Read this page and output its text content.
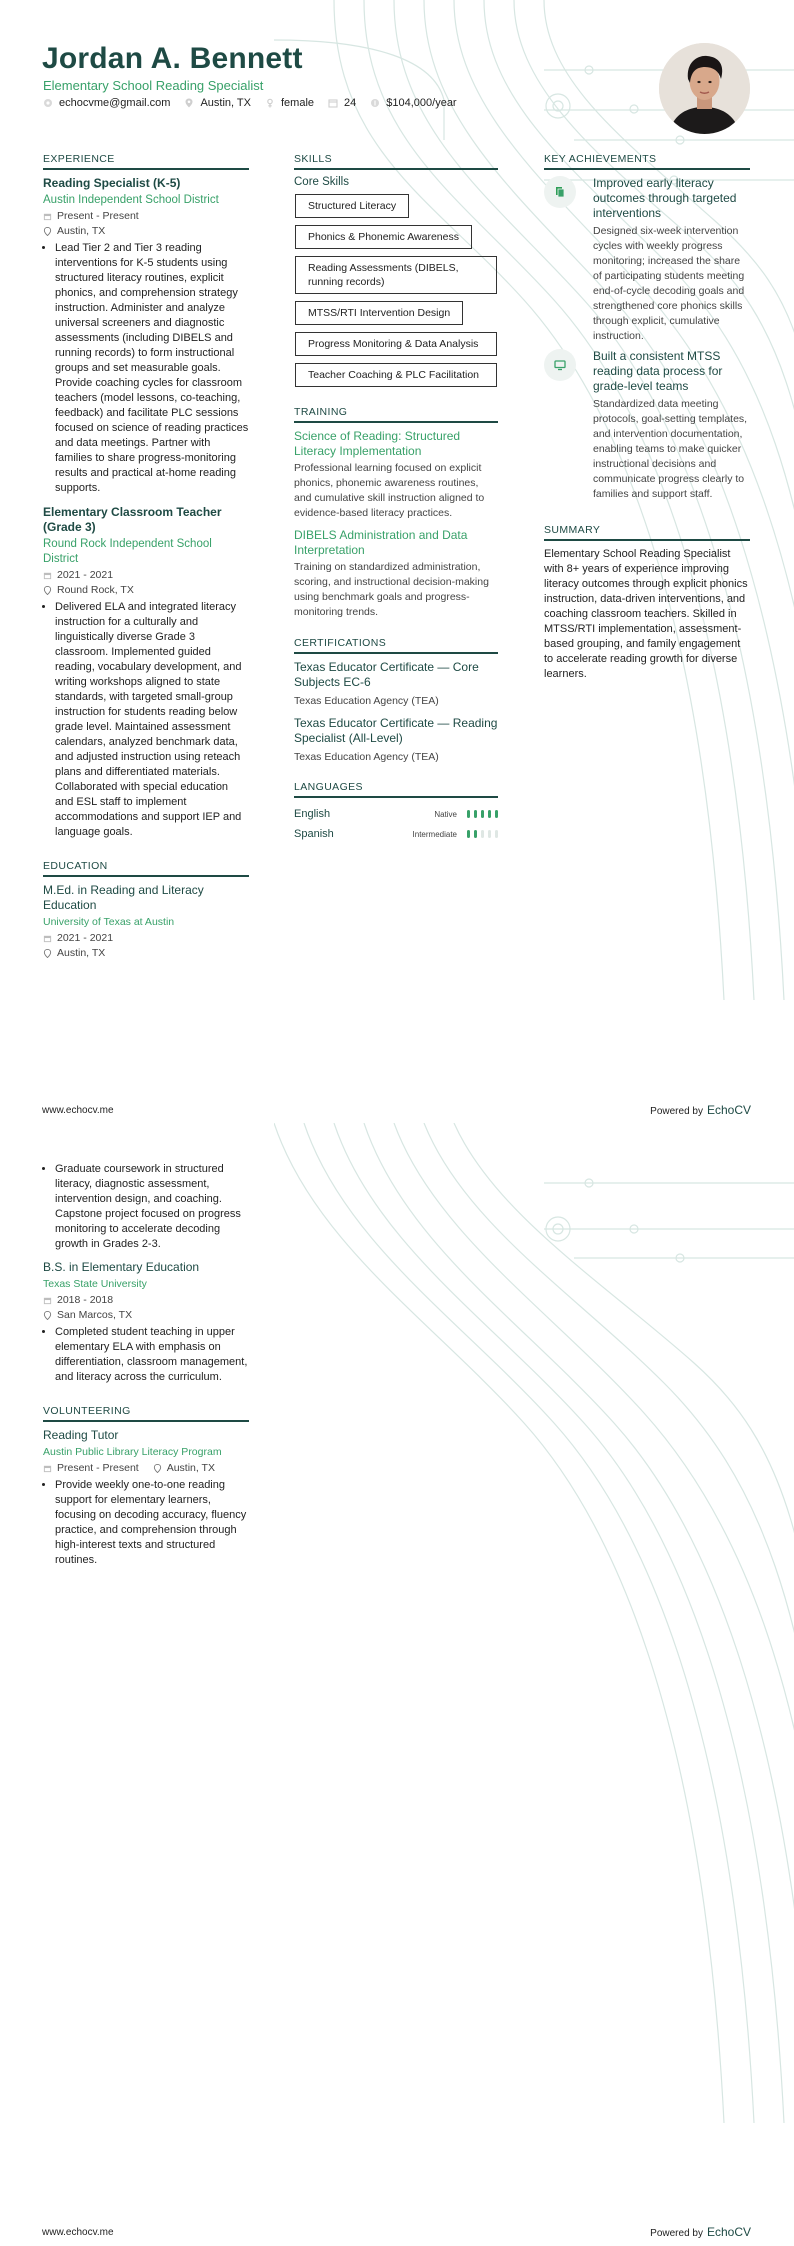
Jordan A. Bennett
Elementary School Reading Specialist
echocvme@gmail.com	Austin, TX	female	24	$104,000/year
EXPERIENCE
Reading Specialist (K-5)
Austin Independent School District
Present - Present
Austin, TX
• Lead Tier 2 and Tier 3 reading interventions for K-5 students using structured literacy routines, explicit phonics, and comprehension strategy instruction. Administer and analyze universal screeners and diagnostic assessments (including DIBELS and running records) to form instructional groups and set measurable goals. Provide coaching cycles for classroom teachers (model lessons, co-teaching, feedback) and facilitate PLC sessions focused on science of reading practices and data meetings. Partner with families to share progress-monitoring results and practical at-home reading supports.
Elementary Classroom Teacher (Grade 3)
Round Rock Independent School District
2021 - 2021
Round Rock, TX
• Delivered ELA and integrated literacy instruction for a culturally and linguistically diverse Grade 3 classroom. Implemented guided reading, vocabulary development, and writing workshops aligned to state standards, with targeted small-group instruction for students reading below grade level. Maintained assessment calendars, analyzed benchmark data, and adjusted instruction using reteach plans and differentiated materials. Collaborated with special education and ESL staff to implement accommodations and support IEP and language goals.
EDUCATION
M.Ed. in Reading and Literacy Education
University of Texas at Austin
2021 - 2021
Austin, TX
SKILLS
Core Skills
Structured Literacy
Phonics & Phonemic Awareness
Reading Assessments (DIBELS, running records)
MTSS/RTI Intervention Design
Progress Monitoring & Data Analysis
Teacher Coaching & PLC Facilitation
TRAINING
Science of Reading: Structured Literacy Implementation
Professional learning focused on explicit phonics, phonemic awareness routines, and cumulative skill instruction aligned to evidence-based literacy practices.
DIBELS Administration and Data Interpretation
Training on standardized administration, scoring, and instructional decision-making using benchmark goals and progress-monitoring trends.
CERTIFICATIONS
Texas Educator Certificate — Core Subjects EC-6
Texas Education Agency (TEA)
Texas Educator Certificate — Reading Specialist (All-Level)
Texas Education Agency (TEA)
LANGUAGES
English	Native
Spanish	Intermediate
KEY ACHIEVEMENTS
Improved early literacy outcomes through targeted interventions
Designed six-week intervention cycles with weekly progress monitoring; increased the share of participating students meeting end-of-cycle decoding goals and strengthened core phonics skills through explicit, cumulative instruction.
Built a consistent MTSS reading data process for grade-level teams
Standardized data meeting protocols, goal-setting templates, and intervention documentation, enabling teams to make quicker instructional decisions and communicate progress clearly to families and support staff.
SUMMARY
Elementary School Reading Specialist with 8+ years of experience improving literacy outcomes through explicit phonics instruction, data-driven interventions, and coaching classroom teachers. Skilled in MTSS/RTI implementation, assessment-based grouping, and family engagement to accelerate reading growth for diverse learners.
www.echocv.me	Powered by EchoCV
• Graduate coursework in structured literacy, diagnostic assessment, intervention design, and coaching. Capstone project focused on progress monitoring to accelerate decoding growth in Grades 2-3.
B.S. in Elementary Education
Texas State University
2018 - 2018
San Marcos, TX
• Completed student teaching in upper elementary ELA with emphasis on differentiation, classroom management, and literacy across the curriculum.
VOLUNTEERING
Reading Tutor
Austin Public Library Literacy Program
Present - Present	Austin, TX
• Provide weekly one-to-one reading support for elementary learners, focusing on decoding accuracy, fluency practice, and comprehension through high-interest texts and structured routines.
www.echocv.me	Powered by EchoCV
